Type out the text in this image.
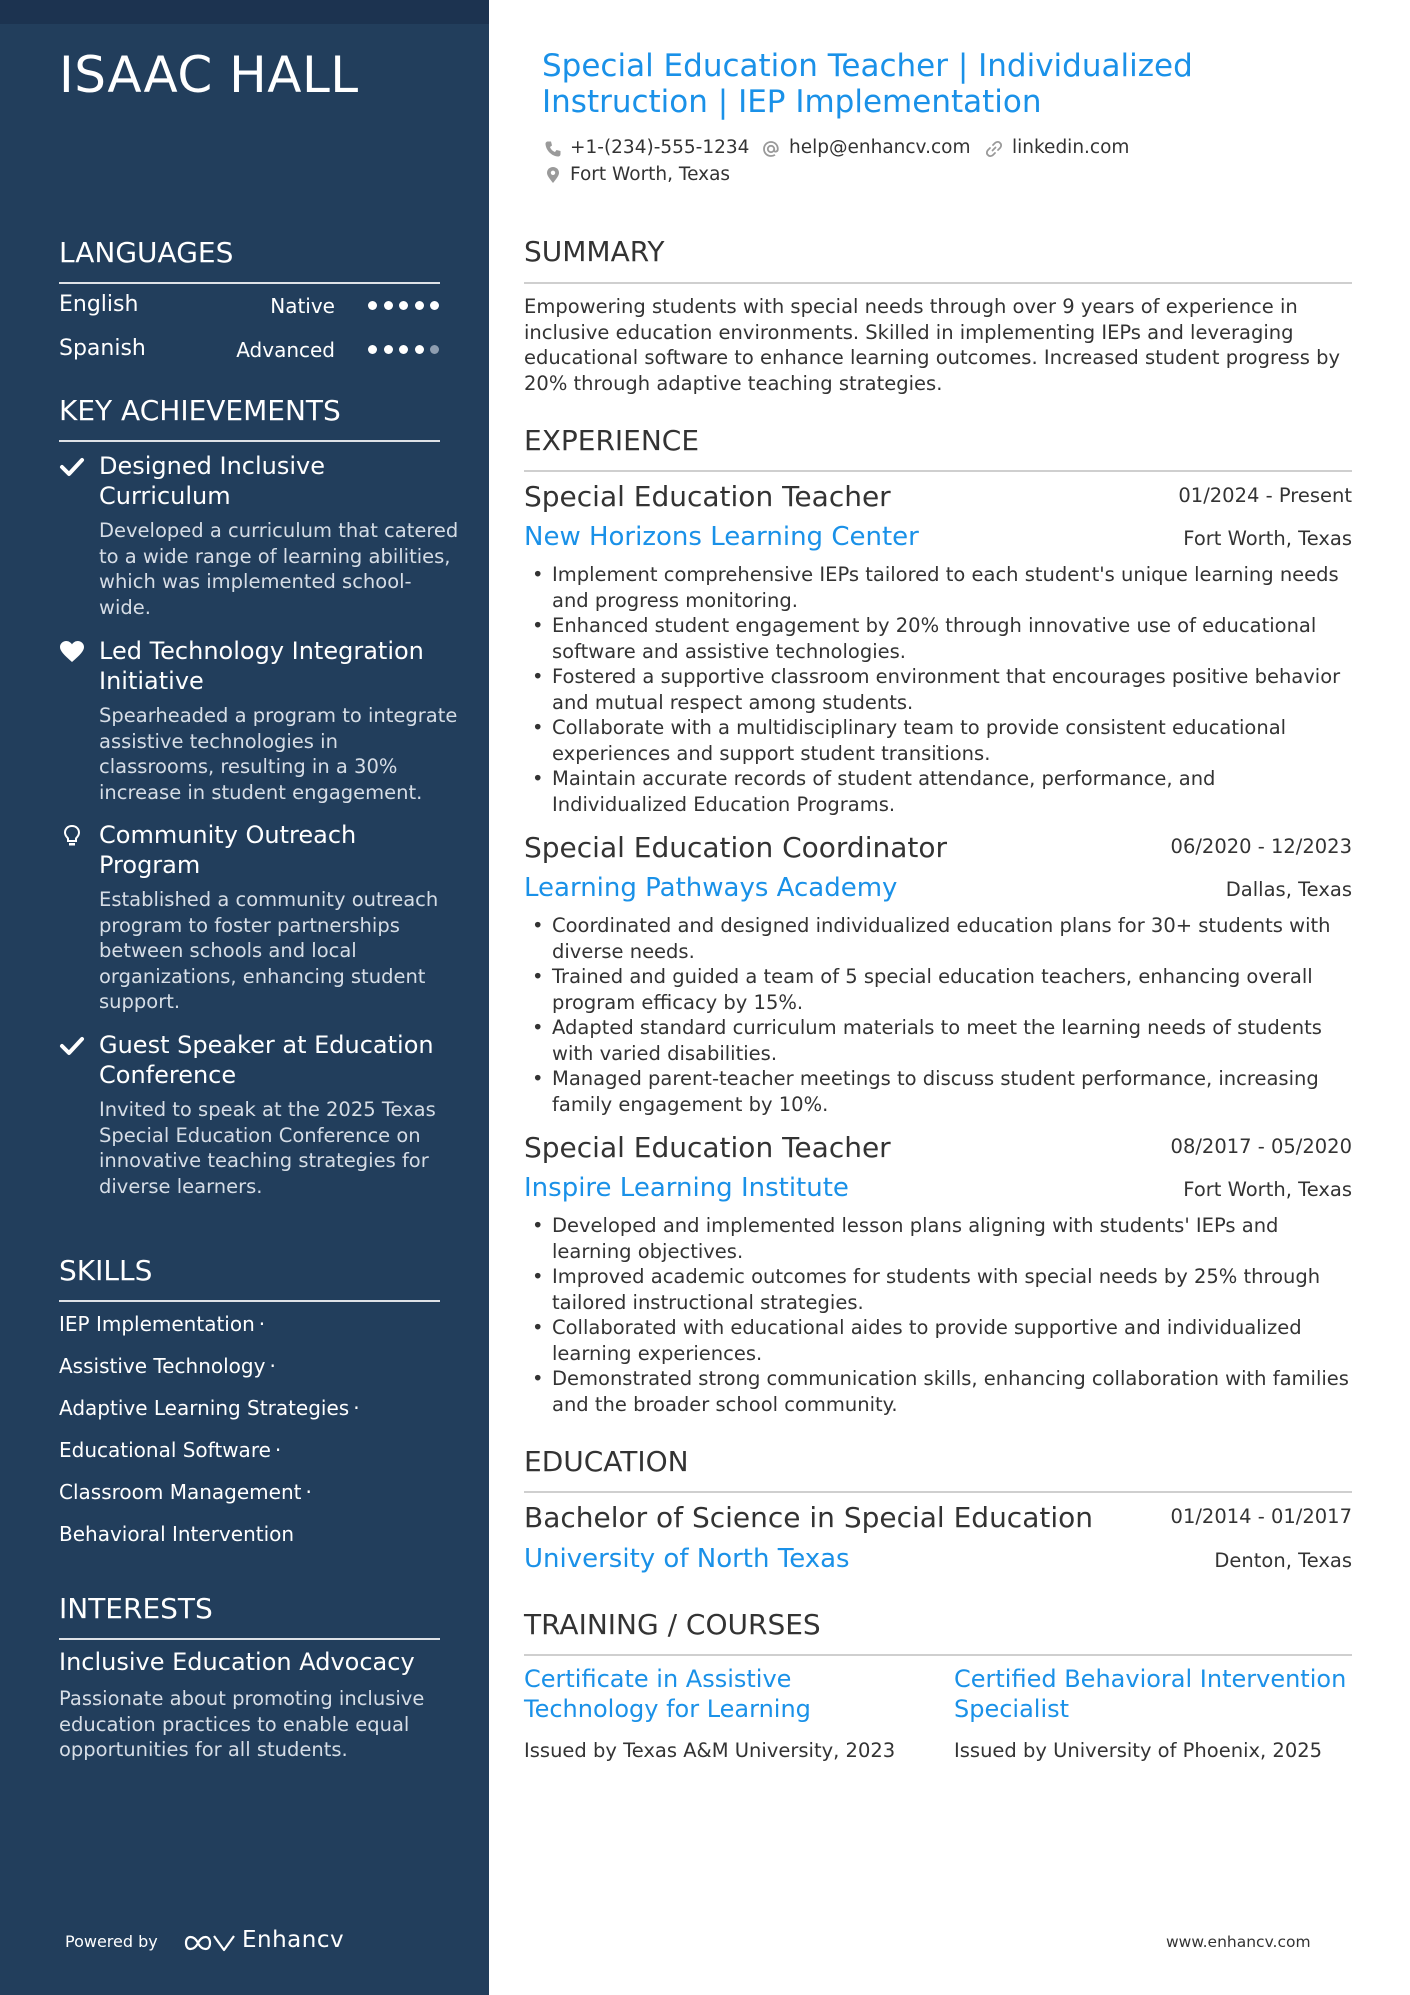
ISAAC HALL
LANGUAGES
English	Native
Spanish	Advanced
KEY ACHIEVEMENTS
Designed Inclusive Curriculum
Developed a curriculum that catered to a wide range of learning abilities, which was implemented school-wide.
Led Technology Integration Initiative
Spearheaded a program to integrate assistive technologies in classrooms, resulting in a 30% increase in student engagement.
Community Outreach Program
Established a community outreach program to foster partnerships between schools and local organizations, enhancing student support.
Guest Speaker at Education Conference
Invited to speak at the 2025 Texas Special Education Conference on innovative teaching strategies for diverse learners.
SKILLS
IEP Implementation ·
Assistive Technology ·
Adaptive Learning Strategies ·
Educational Software ·
Classroom Management ·
Behavioral Intervention
INTERESTS
Inclusive Education Advocacy
Passionate about promoting inclusive education practices to enable equal opportunities for all students.
Powered by	Enhancv
Special Education Teacher | Individualized Instruction | IEP Implementation
+1-(234)-555-1234 help@enhancv.com linkedin.com
Fort Worth, Texas
SUMMARY
Empowering students with special needs through over 9 years of experience in inclusive education environments. Skilled in implementing IEPs and leveraging educational software to enhance learning outcomes. Increased student progress by 20% through adaptive teaching strategies.
EXPERIENCE
Special Education Teacher	01/2024 - Present
New Horizons Learning Center	Fort Worth, Texas
• Implement comprehensive IEPs tailored to each student's unique learning needs and progress monitoring.
• Enhanced student engagement by 20% through innovative use of educational software and assistive technologies.
• Fostered a supportive classroom environment that encourages positive behavior and mutual respect among students.
• Collaborate with a multidisciplinary team to provide consistent educational experiences and support student transitions.
• Maintain accurate records of student attendance, performance, and Individualized Education Programs.
Special Education Coordinator	06/2020 - 12/2023
Learning Pathways Academy	Dallas, Texas
• Coordinated and designed individualized education plans for 30+ students with diverse needs.
• Trained and guided a team of 5 special education teachers, enhancing overall program efficacy by 15%.
• Adapted standard curriculum materials to meet the learning needs of students with varied disabilities.
• Managed parent-teacher meetings to discuss student performance, increasing family engagement by 10%.
Special Education Teacher	08/2017 - 05/2020
Inspire Learning Institute	Fort Worth, Texas
• Developed and implemented lesson plans aligning with students' IEPs and learning objectives.
• Improved academic outcomes for students with special needs by 25% through tailored instructional strategies.
• Collaborated with educational aides to provide supportive and individualized learning experiences.
• Demonstrated strong communication skills, enhancing collaboration with families and the broader school community.
EDUCATION
Bachelor of Science in Special Education	01/2014 - 01/2017
University of North Texas	Denton, Texas
TRAINING / COURSES
Certificate in Assistive Technology for Learning
Issued by Texas A&M University, 2023
Certified Behavioral Intervention Specialist
Issued by University of Phoenix, 2025
www.enhancv.com
